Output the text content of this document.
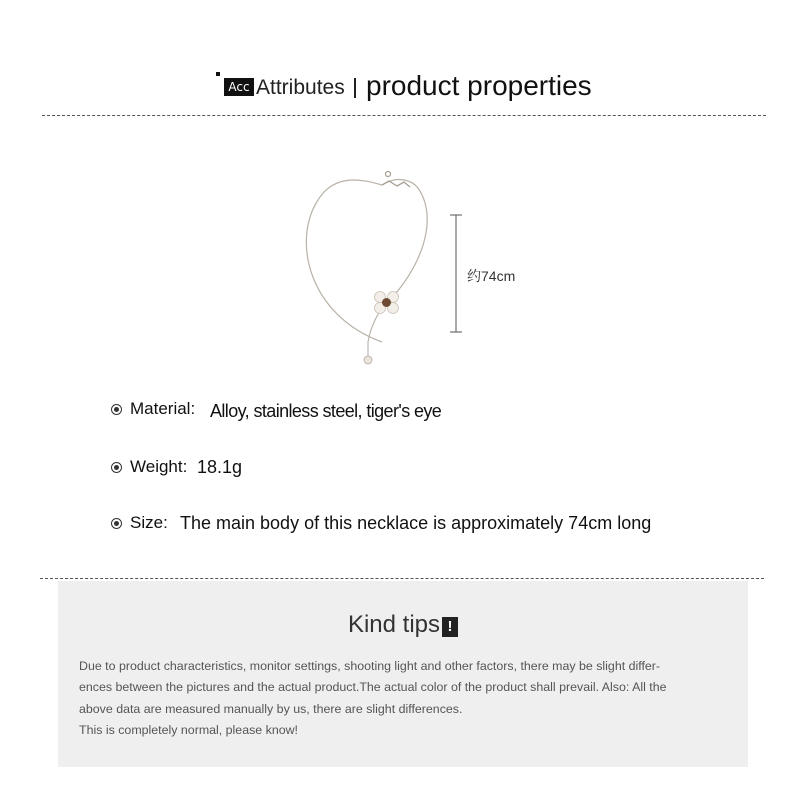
Acc Attributes product properties
约74cm
Material: Alloy, stainless steel, tiger's eye
Weight: 18.1g
Size: The main body of this necklace is approximately 74cm long
Kind tips !

Due to product characteristics, monitor settings, shooting light and other factors, there may be slight differ-

ences between the pictures and the actual product.The actual color of the product shall prevail. Also: All the

above data are measured manually by us, there are slight differences.

This is completely normal, please know!
